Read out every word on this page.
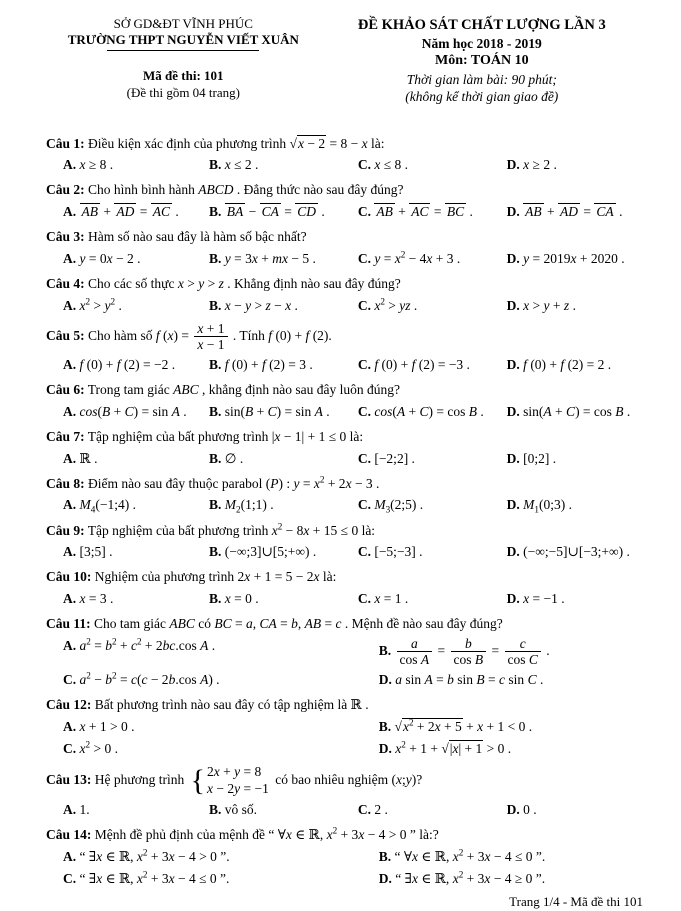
SỞ GD&ĐT VĨNH PHÚC
TRƯỜNG THPT NGUYỄN VIẾT XUÂN
Mã đề thi: 101
(Đề thi gồm 04 trang)
ĐỀ KHẢO SÁT CHẤT LƯỢNG LẦN 3
Năm học 2018 - 2019
Môn: TOÁN 10
Thời gian làm bài: 90 phút;
(không kể thời gian giao đề)

Câu 1: Điều kiện xác định của phương trình √x − 2 = 8 − x là:

A. x ≥ 8 .	B. x ≤ 2 .	C. x ≤ 8 .	D. x ≥ 2 .

Câu 2: Cho hình bình hành ABCD . Đẳng thức nào sau đây đúng?

A. AB + AD = AC .	B. BA − CA = CD .	C. AB + AC = BC .	D. AB + AD = CA .

Câu 3: Hàm số nào sau đây là hàm số bậc nhất?

A. y = 0x − 2 .	B. y = 3x + mx − 5 .	C. $y = x^2 - 4x + 3$ .	D. y = 2019x + 2020 .

Câu 4: Cho các số thực x > y > z . Khẳng định nào sau đây đúng?

A. $x^2 > y^2$ .	B. x − y > z − x .	C. $x^2$ > yz .	D. x > y + z .

Câu 5: Cho hàm số f $(x) = \frac{x + 1}{x - 1}$ . Tính f (0) + f (2).

A. f (0) + f (2) = −2 .	B. f (0) + f (2) = 3 .	C. f (0) + f (2) = −3 .	D. f (0) + f (2) = 2 .

Câu 6: Trong tam giác ABC , khẳng định nào sau đây luôn đúng?

A. cos(B + C) = sin A .	B. sin(B + C) = sin A .	C. cos(A + C) = cos B .	D. sin(A + C) = cos B .

Câu 7: Tập nghiệm của bất phương trình |x − 1| + 1 ≤ 0 là:

A. ℝ .	B. ∅ .	C. [−2;2] .	D. [0;2] .

Câu 8: Điểm nào sau đây thuộc parabol (P) : $y = x^2 + 2x - 3$ .

A. $M_4(-1;4)$ .	B. $M_2(1;1)$ .	C. $M_3(2;5)$ .	D. $M_1(0;3)$ .

Câu 9: Tập nghiệm của bất phương trình $x^2 - 8x + 15 \le 0$ là:

A. [3;5] .	B. (−∞;3]∪[5;+∞) .	C. [−5;−3] .	D. (−∞;−5]∪[−3;+∞) .

Câu 10: Nghiệm của phương trình 2x + 1 = 5 − 2x là:

A. x = 3 .	B. x = 0 .	C. x = 1 .	D. x = −1 .

Câu 11: Cho tam giác ABC có BC = a, CA = b, AB = c . Mệnh đề nào sau đây đúng?

A. $a^2 = b^2 + c^2 + 2bc.\cos$ A .	B. $\frac{a}{\text{cos A}} = \frac{b}{\text{cos B}} = \frac{c}{\text{cos C}}$ .
C. $a^2 - b^2 = c(c - 2b.\cos$ A) .	D. a sin A = b sin B = c sin C .

Câu 12: Bất phương trình nào sau đây có tập nghiệm là ℝ .

A. x + 1 > 0 .	B. $√x^2 + 2x + 5 + x + 1 < 0$ .
C. $x^2 > 0$ .	D. $x^2 + 1 + √|x| + 1 > 0$ .

Câu 13: Hệ phương trình { 2x + y = 8
x − 2y = −1
có bao nhiêu nghiệm (x;y)?

A. 1.	B. vô số.	C. 2 .	D. 0 .

Câu 14: Mệnh đề phủ định của mệnh đề “ ∀x ∈ ℝ, $x^2 + 3x - 4 > 0$ ” là:?

A. “ ∃x ∈ ℝ, $x^2 + 3x - 4 > 0$ ”.	B. “ ∀x ∈ ℝ, $x^2 + 3x - 4 \le 0$ ”.
C. “ ∃x ∈ ℝ, $x^2 + 3x - 4 \le 0$ ”.	D. “ ∃x ∈ ℝ, $x^2 + 3x - 4 \ge 0$ ”.
Trang 1/4 - Mã đề thi 101
